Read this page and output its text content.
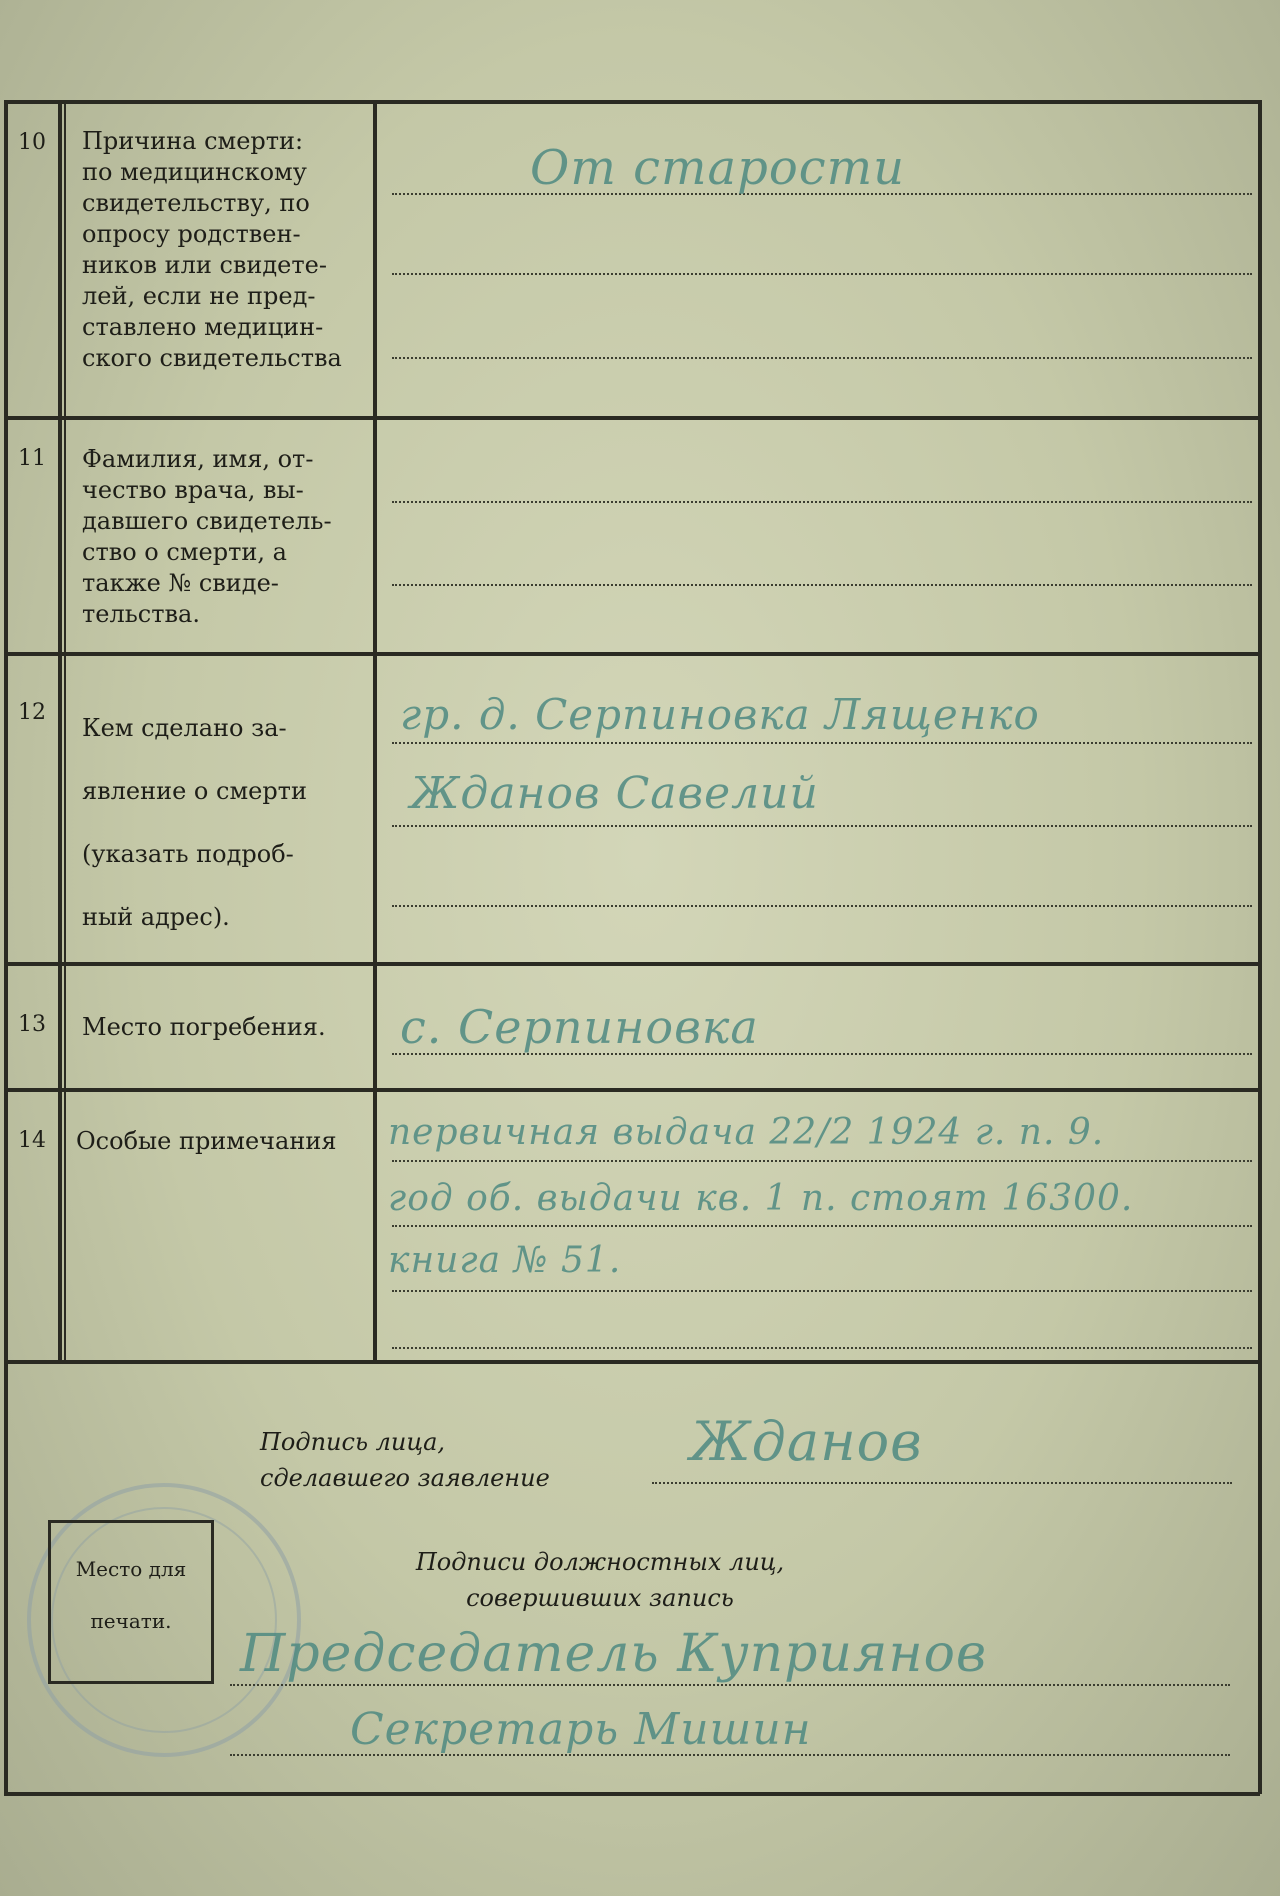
10 Причина смерти:
по медицинскому
свидетельству, по
опросу родствен-
ников или свидете-
лей, если не пред-
ставлено медицин-
ского свидетельства
От старости
11 Фамилия, имя, от-
чество врача, вы-
давшего свидетель-
ство о смерти, а
также № свиде-
тельства.
12
Кем сделано за-
явление о смерти
(указать подроб-
ный адрес).
гр. д. Серпиновка Лященко
Жданов Савелий
13 Место погребения.	с. Серпиновка
14 Особые примечания	первичная выдача 22/2 1924 г. п. 9.
год об. выдачи кв. 1 п. стоят 16300.
книга № 51.
Подпись лица,
сделавшего заявление
Жданов
Подписи должностных лиц,
совершивших запись
Место для
печати.
Председатель Куприянов
Секретарь Мишин
